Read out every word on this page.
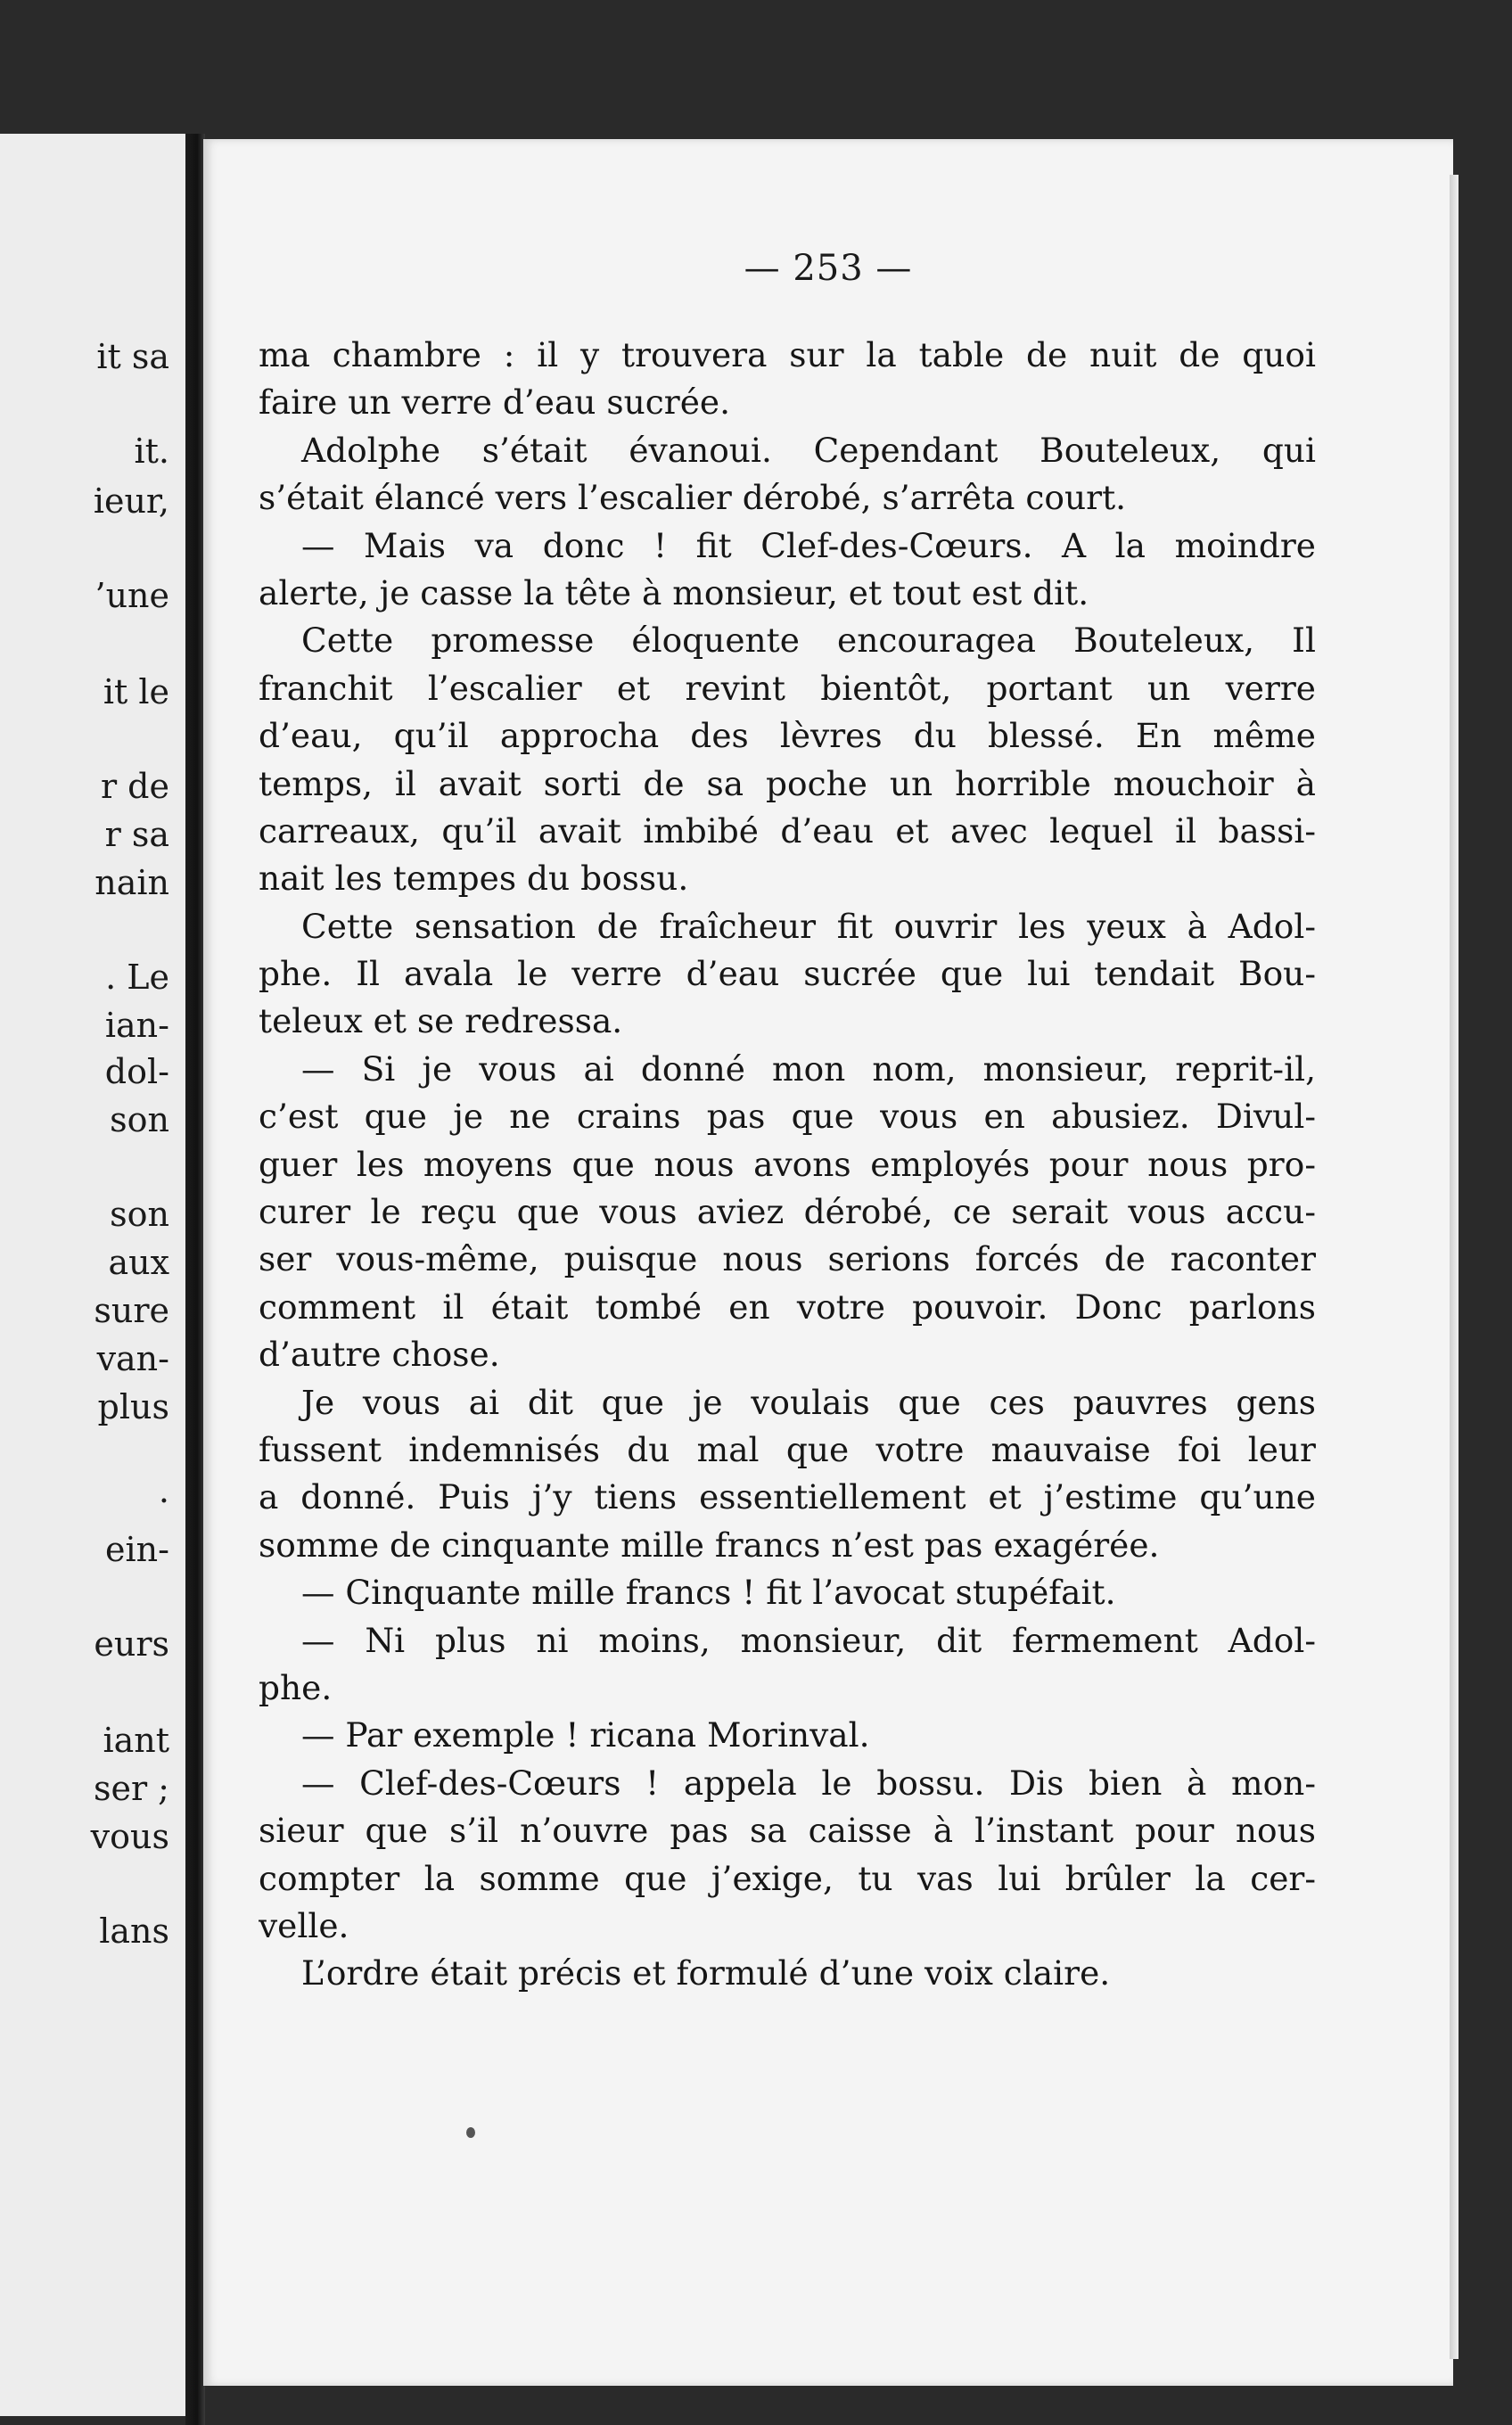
it sa
it.
ieur,
’une
it le
r de
r sa
nain
. Le
ian-
dol-
son
son
aux
sure
van-
plus
.
ein-
eurs
iant
ser ;
vous
lans
— 253 —
ma chambre : il y trouvera sur la table de nuit de quoi
faire un verre d’eau sucrée.
Adolphe s’était évanoui. Cependant Bouteleux, qui
s’était élancé vers l’escalier dérobé, s’arrêta court.
— Mais va donc ! fit Clef-des-Cœurs. A la moindre
alerte, je casse la tête à monsieur, et tout est dit.
Cette promesse éloquente encouragea Bouteleux, Il
franchit l’escalier et revint bientôt, portant un verre
d’eau, qu’il approcha des lèvres du blessé. En même
temps, il avait sorti de sa poche un horrible mouchoir à
carreaux, qu’il avait imbibé d’eau et avec lequel il bassi-
nait les tempes du bossu.
Cette sensation de fraîcheur fit ouvrir les yeux à Adol-
phe. Il avala le verre d’eau sucrée que lui tendait Bou-
teleux et se redressa.
— Si je vous ai donné mon nom, monsieur, reprit-il,
c’est que je ne crains pas que vous en abusiez. Divul-
guer les moyens que nous avons employés pour nous pro-
curer le reçu que vous aviez dérobé, ce serait vous accu-
ser vous-même, puisque nous serions forcés de raconter
comment il était tombé en votre pouvoir. Donc parlons
d’autre chose.
Je vous ai dit que je voulais que ces pauvres gens
fussent indemnisés du mal que votre mauvaise foi leur
a donné. Puis j’y tiens essentiellement et j’estime qu’une
somme de cinquante mille francs n’est pas exagérée.
— Cinquante mille francs ! fit l’avocat stupéfait.
— Ni plus ni moins, monsieur, dit fermement Adol-
phe.
— Par exemple ! ricana Morinval.
— Clef-des-Cœurs ! appela le bossu. Dis bien à mon-
sieur que s’il n’ouvre pas sa caisse à l’instant pour nous
compter la somme que j’exige, tu vas lui brûler la cer-
velle.
L’ordre était précis et formulé d’une voix claire.
